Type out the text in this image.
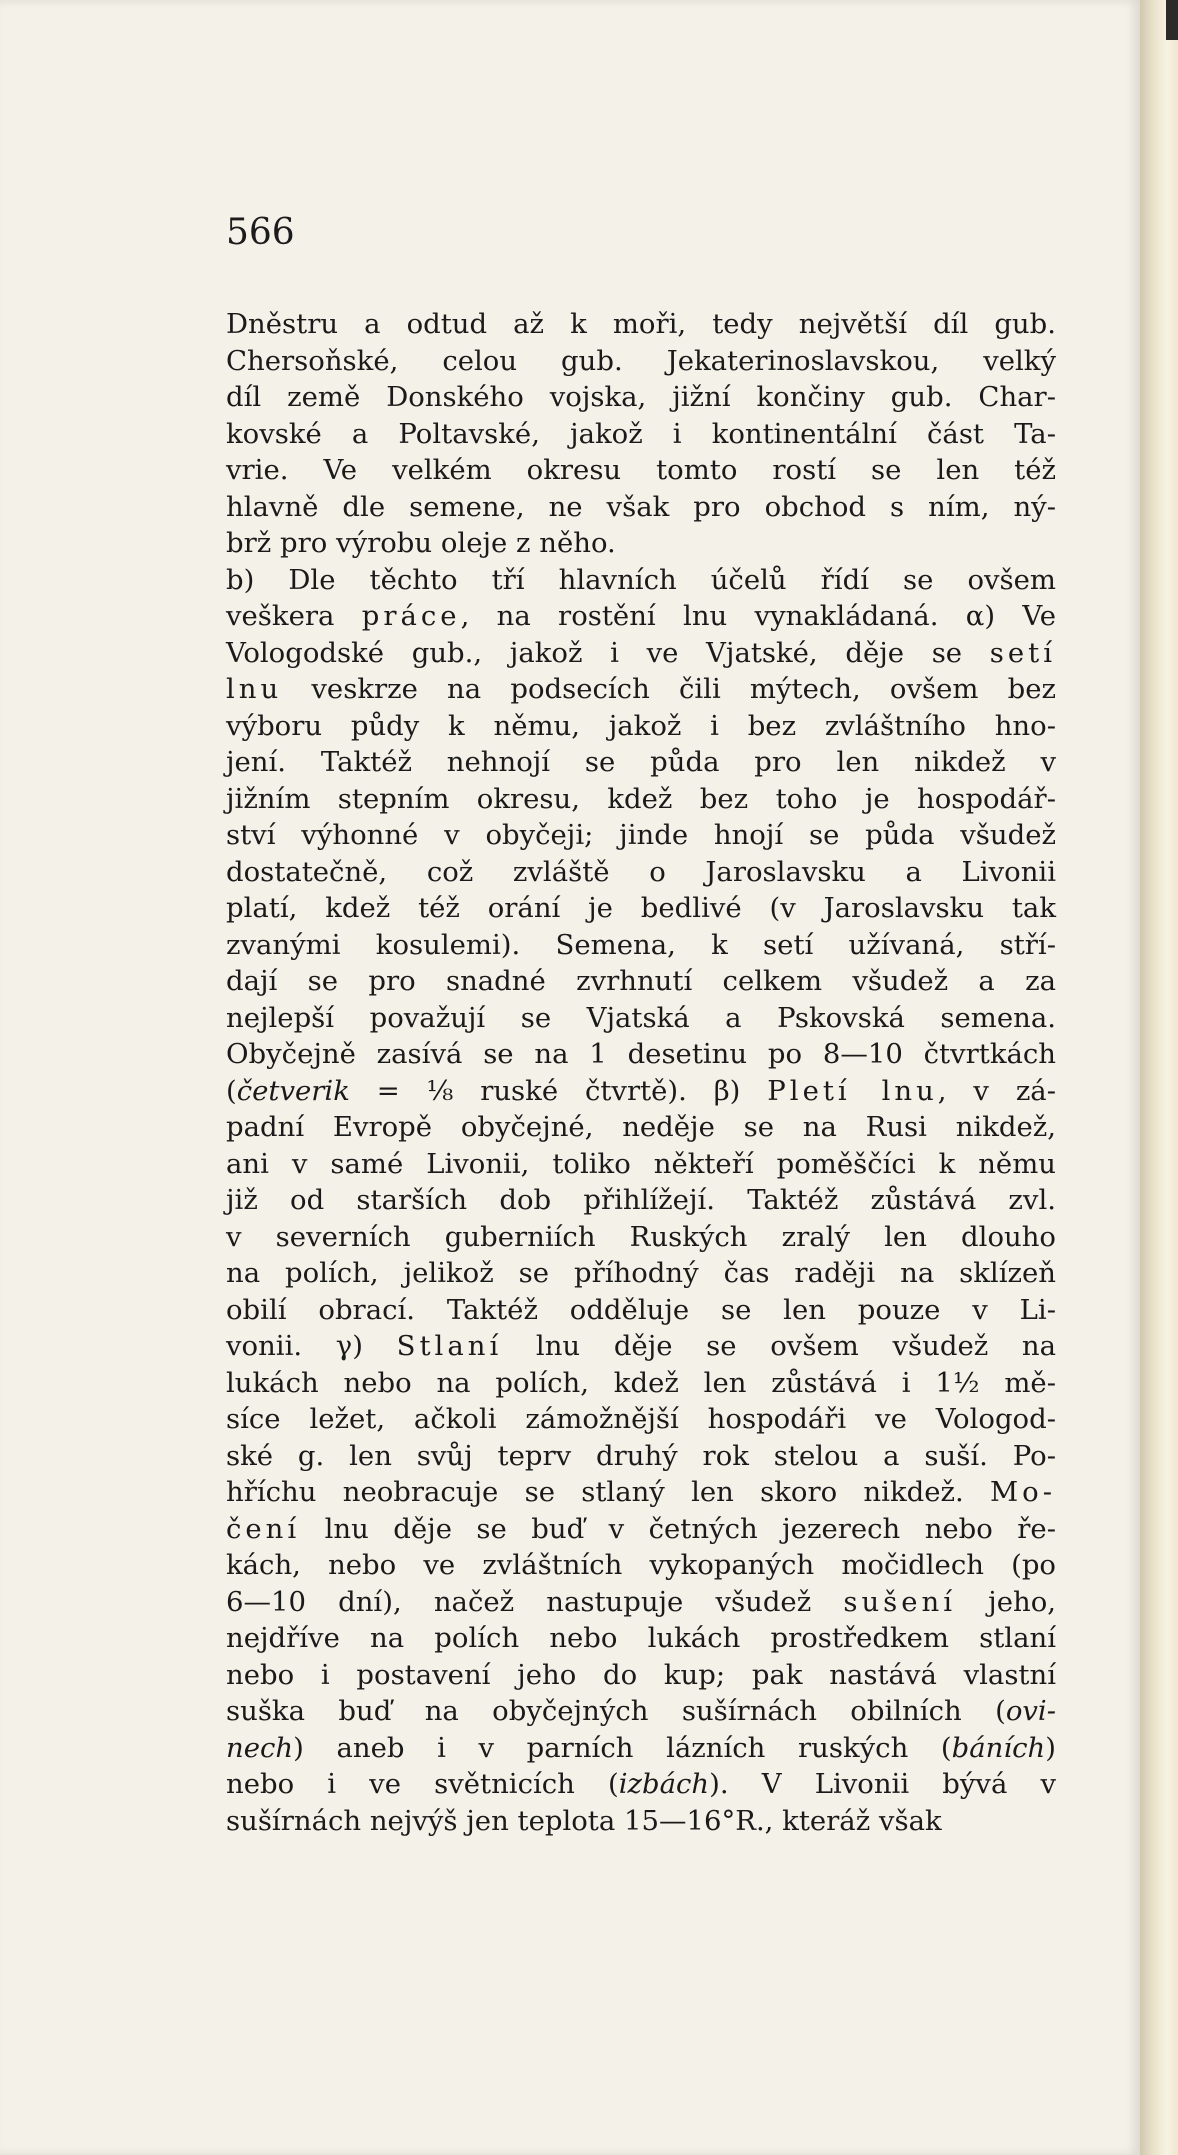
566
Dněstru a odtud až k moři, tedy největší díl gub.
Chersoňské, celou gub. Jekaterinoslavskou, velký
díl země Donského vojska, jižní končiny gub. Char-
kovské a Poltavské, jakož i kontinentální část Ta-
vrie. Ve velkém okresu tomto rostí se len též
hlavně dle semene, ne však pro obchod s ním, ný-
brž pro výrobu oleje z něho.
b) Dle těchto tří hlavních účelů řídí se ovšem
veškera práce, na rostění lnu vynakládaná. α) Ve
Vologodské gub., jakož i ve Vjatské, děje se setí
lnu veskrze na podsecích čili mýtech, ovšem bez
výboru půdy k němu, jakož i bez zvláštního hno-
jení. Taktéž nehnojí se půda pro len nikdež v
jižním stepním okresu, kdež bez toho je hospodář-
ství výhonné v obyčeji; jinde hnojí se půda všudež
dostatečně, což zvláště o Jaroslavsku a Livonii
platí, kdež též orání je bedlivé (v Jaroslavsku tak
zvanými kosulemi). Semena, k setí užívaná, stří-
dají se pro snadné zvrhnutí celkem všudež a za
nejlepší považují se Vjatská a Pskovská semena.
Obyčejně zasívá se na 1 desetinu po 8—10 čtvrtkách
(četverik = ⅛ ruské čtvrtě). β) Pletí lnu, v zá-
padní Evropě obyčejné, neděje se na Rusi nikdež,
ani v samé Livonii, toliko někteří poměščíci k němu
již od starších dob přihlížejí. Taktéž zůstává zvl.
v severních guberniích Ruských zralý len dlouho
na polích, jelikož se příhodný čas raději na sklízeň
obilí obrací. Taktéž odděluje se len pouze v Li-
vonii. γ) Stlaní lnu děje se ovšem všudež na
lukách nebo na polích, kdež len zůstává i 1½ mě-
síce ležet, ačkoli zámožnější hospodáři ve Vologod-
ské g. len svůj teprv druhý rok stelou a suší. Po-
hříchu neobracuje se stlaný len skoro nikdež. Mo-
čení lnu děje se buď v četných jezerech nebo ře-
kách, nebo ve zvláštních vykopaných močidlech (po
6—10 dní), načež nastupuje všudež sušení jeho,
nejdříve na polích nebo lukách prostředkem stlaní
nebo i postavení jeho do kup; pak nastává vlastní
suška buď na obyčejných sušírnách obilních (ovi-
nech) aneb i v parních lázních ruských (báních)
nebo i ve světnicích (izbách). V Livonii bývá v
sušírnách nejvýš jen teplota 15—16°R., kteráž však
